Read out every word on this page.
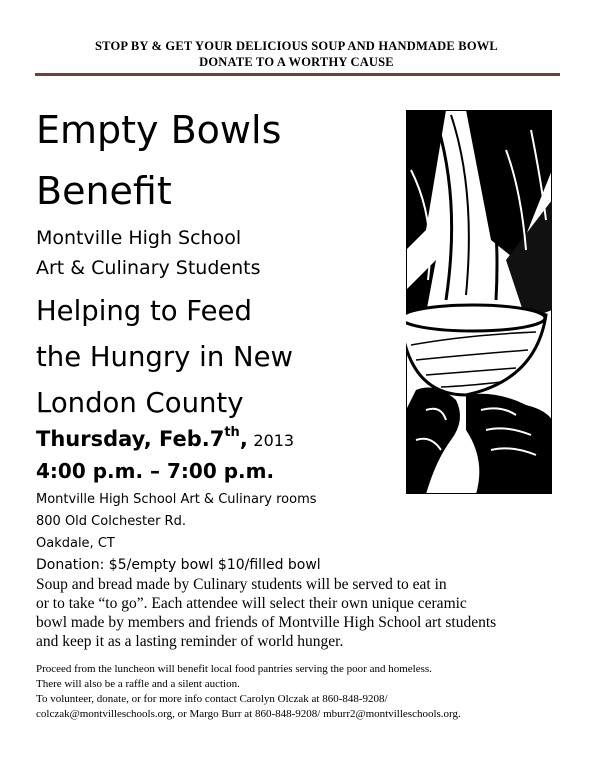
STOP BY & GET YOUR DELICIOUS SOUP AND HANDMADE BOWL
DONATE TO A WORTHY CAUSE
Empty Bowls
Benefit
Montville High School
Art & Culinary Students
Helping to Feed
the Hungry in New
London County
Thursday, Feb.7th, 2013
4:00 p.m. – 7:00 p.m.
Montville High School Art & Culinary rooms
800 Old Colchester Rd.
Oakdale, CT
Donation: $5/empty bowl $10/filled bowl
Soup and bread made by Culinary students will be served to eat in
or to take “to go”. Each attendee will select their own unique ceramic
bowl made by members and friends of Montville High School art students
and keep it as a lasting reminder of world hunger.
Proceed from the luncheon will benefit local food pantries serving the poor and homeless.
There will also be a raffle and a silent auction.
To volunteer, donate, or for more info contact Carolyn Olczak at 860-848-9208/
colczak@montvilleschools.org, or Margo Burr at 860-848-9208/ mburr2@montvilleschools.org.
